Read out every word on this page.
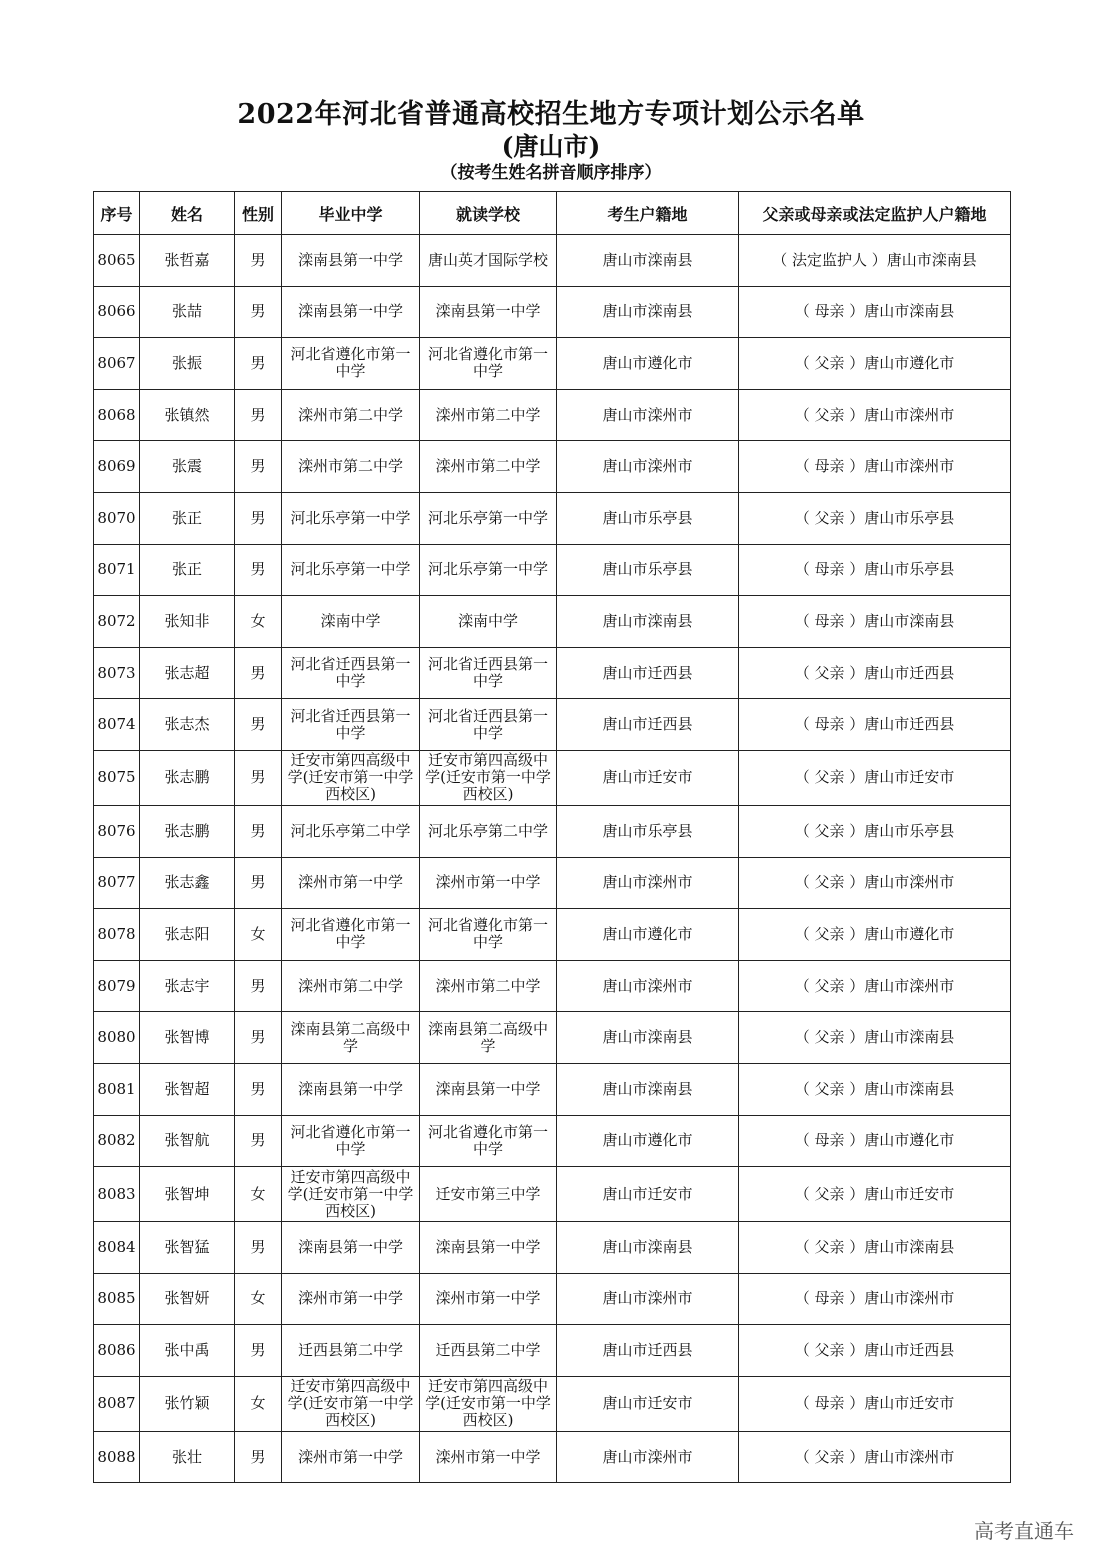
2022年河北省普通高校招生地方专项计划公示名单
(唐山市)
（按考生姓名拼音顺序排序）
序号	姓名	性别	毕业中学	就读学校	考生户籍地	父亲或母亲或法定监护人户籍地
8065	张哲嘉	男	滦南县第一中学	唐山英才国际学校	唐山市滦南县	（ 法定监护人 ）唐山市滦南县
8066	张喆	男	滦南县第一中学	滦南县第一中学	唐山市滦南县	（ 母亲 ）唐山市滦南县
8067	张振	男	河北省遵化市第一中学	河北省遵化市第一中学	唐山市遵化市	（ 父亲 ）唐山市遵化市
8068	张镇然	男	滦州市第二中学	滦州市第二中学	唐山市滦州市	（ 父亲 ）唐山市滦州市
8069	张震	男	滦州市第二中学	滦州市第二中学	唐山市滦州市	（ 母亲 ）唐山市滦州市
8070	张正	男	河北乐亭第一中学	河北乐亭第一中学	唐山市乐亭县	（ 父亲 ）唐山市乐亭县
8071	张正	男	河北乐亭第一中学	河北乐亭第一中学	唐山市乐亭县	（ 母亲 ）唐山市乐亭县
8072	张知非	女	滦南中学	滦南中学	唐山市滦南县	（ 母亲 ）唐山市滦南县
8073	张志超	男	河北省迁西县第一中学	河北省迁西县第一中学	唐山市迁西县	（ 父亲 ）唐山市迁西县
8074	张志杰	男	河北省迁西县第一中学	河北省迁西县第一中学	唐山市迁西县	（ 母亲 ）唐山市迁西县
8075	张志鹏	男	迁安市第四高级中学(迁安市第一中学西校区)	迁安市第四高级中学(迁安市第一中学西校区)	唐山市迁安市	（ 父亲 ）唐山市迁安市
8076	张志鹏	男	河北乐亭第二中学	河北乐亭第二中学	唐山市乐亭县	（ 父亲 ）唐山市乐亭县
8077	张志鑫	男	滦州市第一中学	滦州市第一中学	唐山市滦州市	（ 父亲 ）唐山市滦州市
8078	张志阳	女	河北省遵化市第一中学	河北省遵化市第一中学	唐山市遵化市	（ 父亲 ）唐山市遵化市
8079	张志宇	男	滦州市第二中学	滦州市第二中学	唐山市滦州市	（ 父亲 ）唐山市滦州市
8080	张智博	男	滦南县第二高级中学	滦南县第二高级中学	唐山市滦南县	（ 父亲 ）唐山市滦南县
8081	张智超	男	滦南县第一中学	滦南县第一中学	唐山市滦南县	（ 父亲 ）唐山市滦南县
8082	张智航	男	河北省遵化市第一中学	河北省遵化市第一中学	唐山市遵化市	（ 母亲 ）唐山市遵化市
8083	张智坤	女	迁安市第四高级中学(迁安市第一中学西校区)	迁安市第三中学	唐山市迁安市	（ 父亲 ）唐山市迁安市
8084	张智猛	男	滦南县第一中学	滦南县第一中学	唐山市滦南县	（ 父亲 ）唐山市滦南县
8085	张智妍	女	滦州市第一中学	滦州市第一中学	唐山市滦州市	（ 母亲 ）唐山市滦州市
8086	张中禹	男	迁西县第二中学	迁西县第二中学	唐山市迁西县	（ 父亲 ）唐山市迁西县
8087	张竹颖	女	迁安市第四高级中学(迁安市第一中学西校区)	迁安市第四高级中学(迁安市第一中学西校区)	唐山市迁安市	（ 母亲 ）唐山市迁安市
8088	张壮	男	滦州市第一中学	滦州市第一中学	唐山市滦州市	（ 父亲 ）唐山市滦州市
高考直通车
